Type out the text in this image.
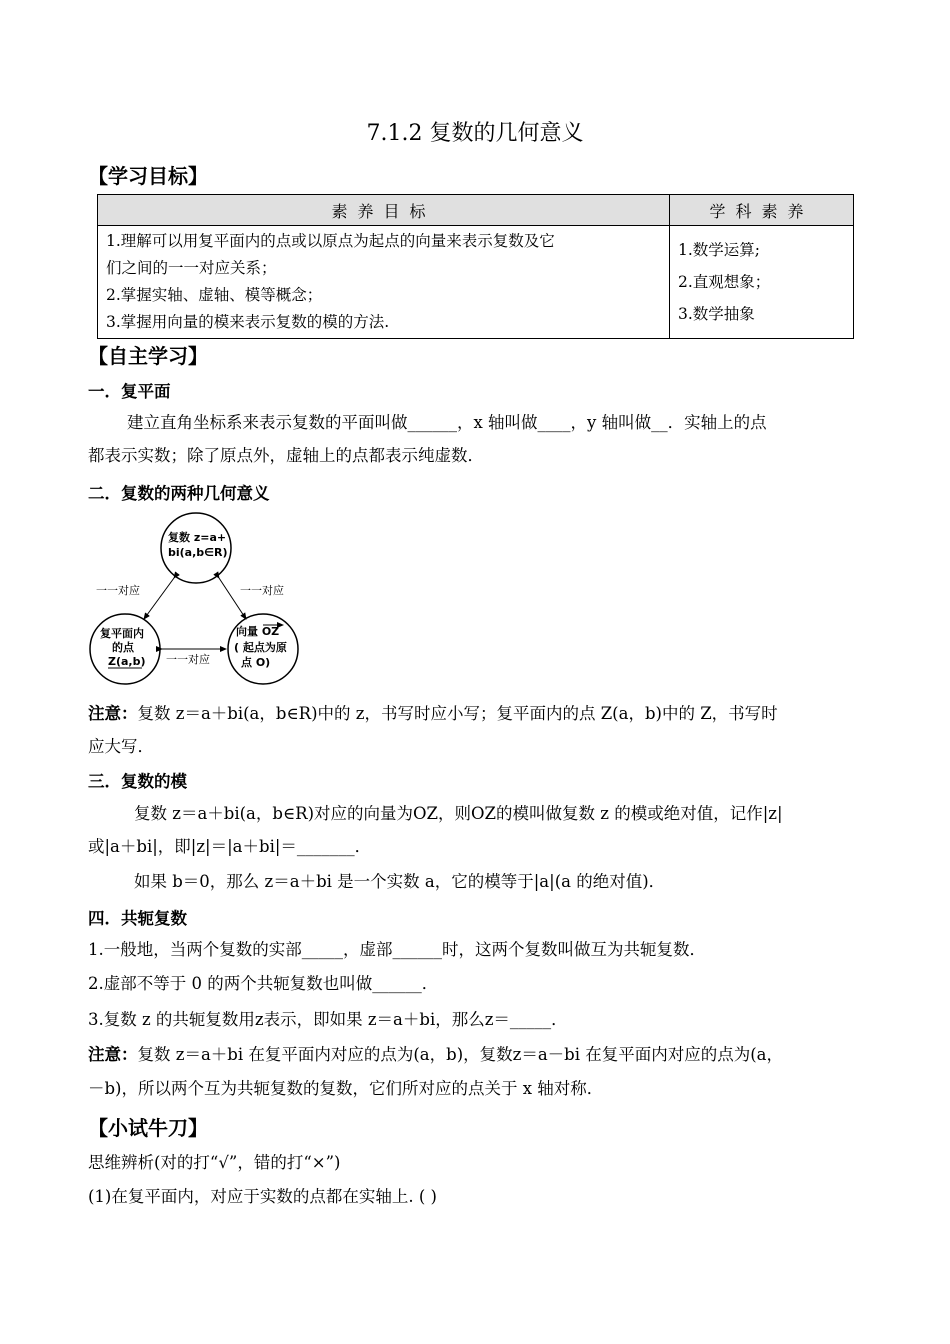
7.1.2 复数的几何意义
【学习目标】
素养目标	学科素养

1.理解可以用复平面内的点或以原点为起点的向量来表示复数及它
们之间的一一对应关系；
2.掌握实轴、虚轴、模等概念；
3.掌握用向量的模来表示复数的模的方法.	1.数学运算;
2.直观想象；
3.数学抽象
【自主学习】
一．复平面
建立直角坐标系来表示复数的平面叫做______，x 轴叫做____，y 轴叫做__．实轴上的点
都表示实数；除了原点外，虚轴上的点都表示纯虚数．
二．复数的两种几何意义
复数 z=a+
bi(a,b∈R)
复平面内
的点
Z(a,b)
向量 OZ
( 起点为原
点 O)
一一对应	一一对应
一一对应
注意：复数 z＝a＋bi(a，b∈R)中的 z，书写时应小写；复平面内的点 Z(a，b)中的 Z，书写时
应大写．
三．复数的模
复数 z＝a＋bi(a，b∈R)对应的向量为OZ，则OZ的模叫做复数 z 的模或绝对值，记作|z|
或|a＋bi|，即|z|＝|a＋bi|＝_______．
如果 b＝0，那么 z＝a＋bi 是一个实数 a，它的模等于|a|(a 的绝对值)．
四．共轭复数
1.一般地，当两个复数的实部_____，虚部______时，这两个复数叫做互为共轭复数．
2.虚部不等于 0 的两个共轭复数也叫做______．
3.复数 z 的共轭复数用z表示，即如果 z＝a＋bi，那么z＝_____．
注意：复数 z＝a＋bi 在复平面内对应的点为(a，b)，复数z＝a－bi 在复平面内对应的点为(a，
－b)，所以两个互为共轭复数的复数，它们所对应的点关于 x 轴对称．
【小试牛刀】
思维辨析(对的打“√”，错的打“×”)
(1)在复平面内，对应于实数的点都在实轴上. ( )
